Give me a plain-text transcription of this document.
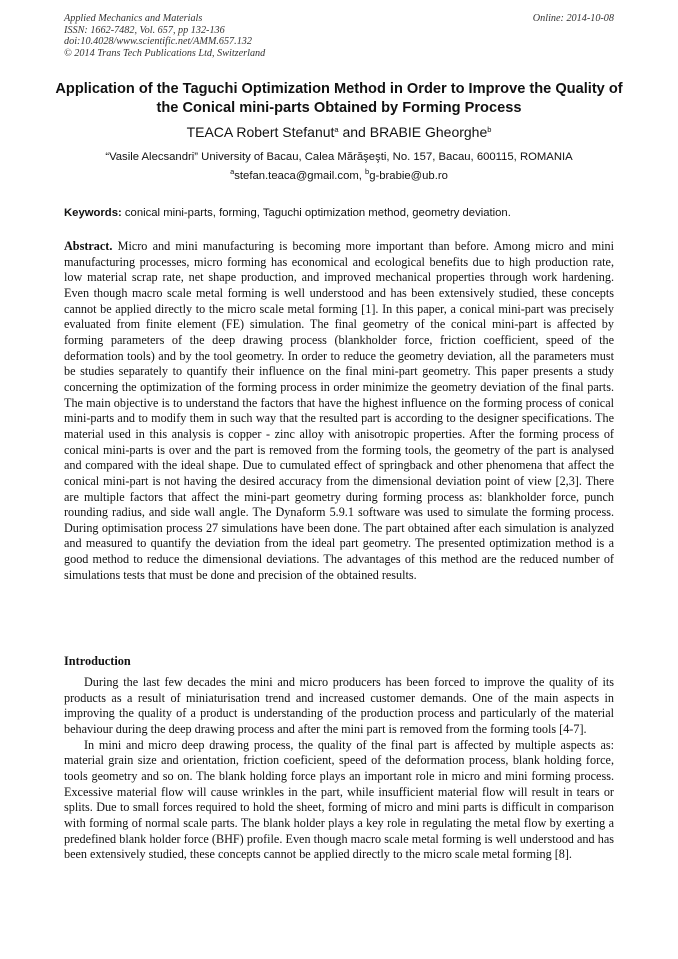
Applied Mechanics and Materials
ISSN: 1662-7482, Vol. 657, pp 132-136
doi:10.4028/www.scientific.net/AMM.657.132
© 2014 Trans Tech Publications Ltd, Switzerland
Online: 2014-10-08
Application of the Taguchi Optimization Method in Order to Improve the Quality of the Conical mini-parts Obtained by Forming Process
TEACA Robert Stefanut$^a$ and BRABIE Gheorghe$^b$
“Vasile Alecsandri” University of Bacau, Calea Mărăşeşti, No. 157, Bacau, 600115, ROMANIA
$^a$stefan.teaca@gmail.com, $^b$g-brabie@ub.ro
Keywords: conical mini-parts, forming, Taguchi optimization method, geometry deviation.
Abstract. Micro and mini manufacturing is becoming more important than before. Among micro and mini manufacturing processes, micro forming has economical and ecological benefits due to high production rate, low material scrap rate, net shape production, and improved mechanical properties through work hardening. Even though macro scale metal forming is well understood and has been extensively studied, these concepts cannot be applied directly to the micro scale metal forming [1]. In this paper, a conical mini-part was precisely evaluated from finite element (FE) simulation. The final geometry of the conical mini-part is affected by forming parameters of the deep drawing process (blankholder force, friction coefficient, speed of the deformation tools) and by the tool geometry. In order to reduce the geometry deviation, all the parameters must be studies separately to quantify their influence on the final mini-part geometry. This paper presents a study concerning the optimization of the forming process in order minimize the geometry deviation of the final parts. The main objective is to understand the factors that have the highest influence on the forming process of conical mini-parts and to modify them in such way that the resulted part is according to the designer specifications. The material used in this analysis is copper - zinc alloy with anisotropic properties. After the forming process of conical mini-parts is over and the part is removed from the forming tools, the geometry of the part is analysed and compared with the ideal shape. Due to cumulated effect of springback and other phenomena that affect the conical mini-part is not having the desired accuracy from the dimensional deviation point of view [2,3]. There are multiple factors that affect the mini-part geometry during forming process as: blankholder force, punch rounding radius, and side wall angle. The Dynaform 5.9.1 software was used to simulate the forming process. During optimisation process 27 simulations have been done. The part obtained after each simulation is analyzed and measured to quantify the deviation from the ideal part geometry. The presented optimization method is a good method to reduce the dimensional deviations. The advantages of this method are the reduced number of simulations tests that must be done and precision of the obtained results.
Introduction

During the last few decades the mini and micro producers has been forced to improve the quality of its products as a result of miniaturisation trend and increased customer demands. One of the main aspects in improving the quality of a product is understanding of the production process and particularly of the material behaviour during the deep drawing process and after the mini part is removed from the forming tools [4-7].

In mini and micro deep drawing process, the quality of the final part is affected by multiple aspects as: material grain size and orientation, friction coeficient, speed of the deformation process, blank holding force, tools geometry and so on. The blank holding force plays an important role in micro and mini forming process. Excessive material flow will cause wrinkles in the part, while insufficient material flow will result in tears or splits. Due to small forces required to hold the sheet, forming of micro and mini parts is difficult in comparison with forming of normal scale parts. The blank holder plays a key role in regulating the metal flow by exerting a predefined blank holder force (BHF) profile. Even though macro scale metal forming is well understood and has been extensively studied, these concepts cannot be applied directly to the micro scale metal forming [8].
